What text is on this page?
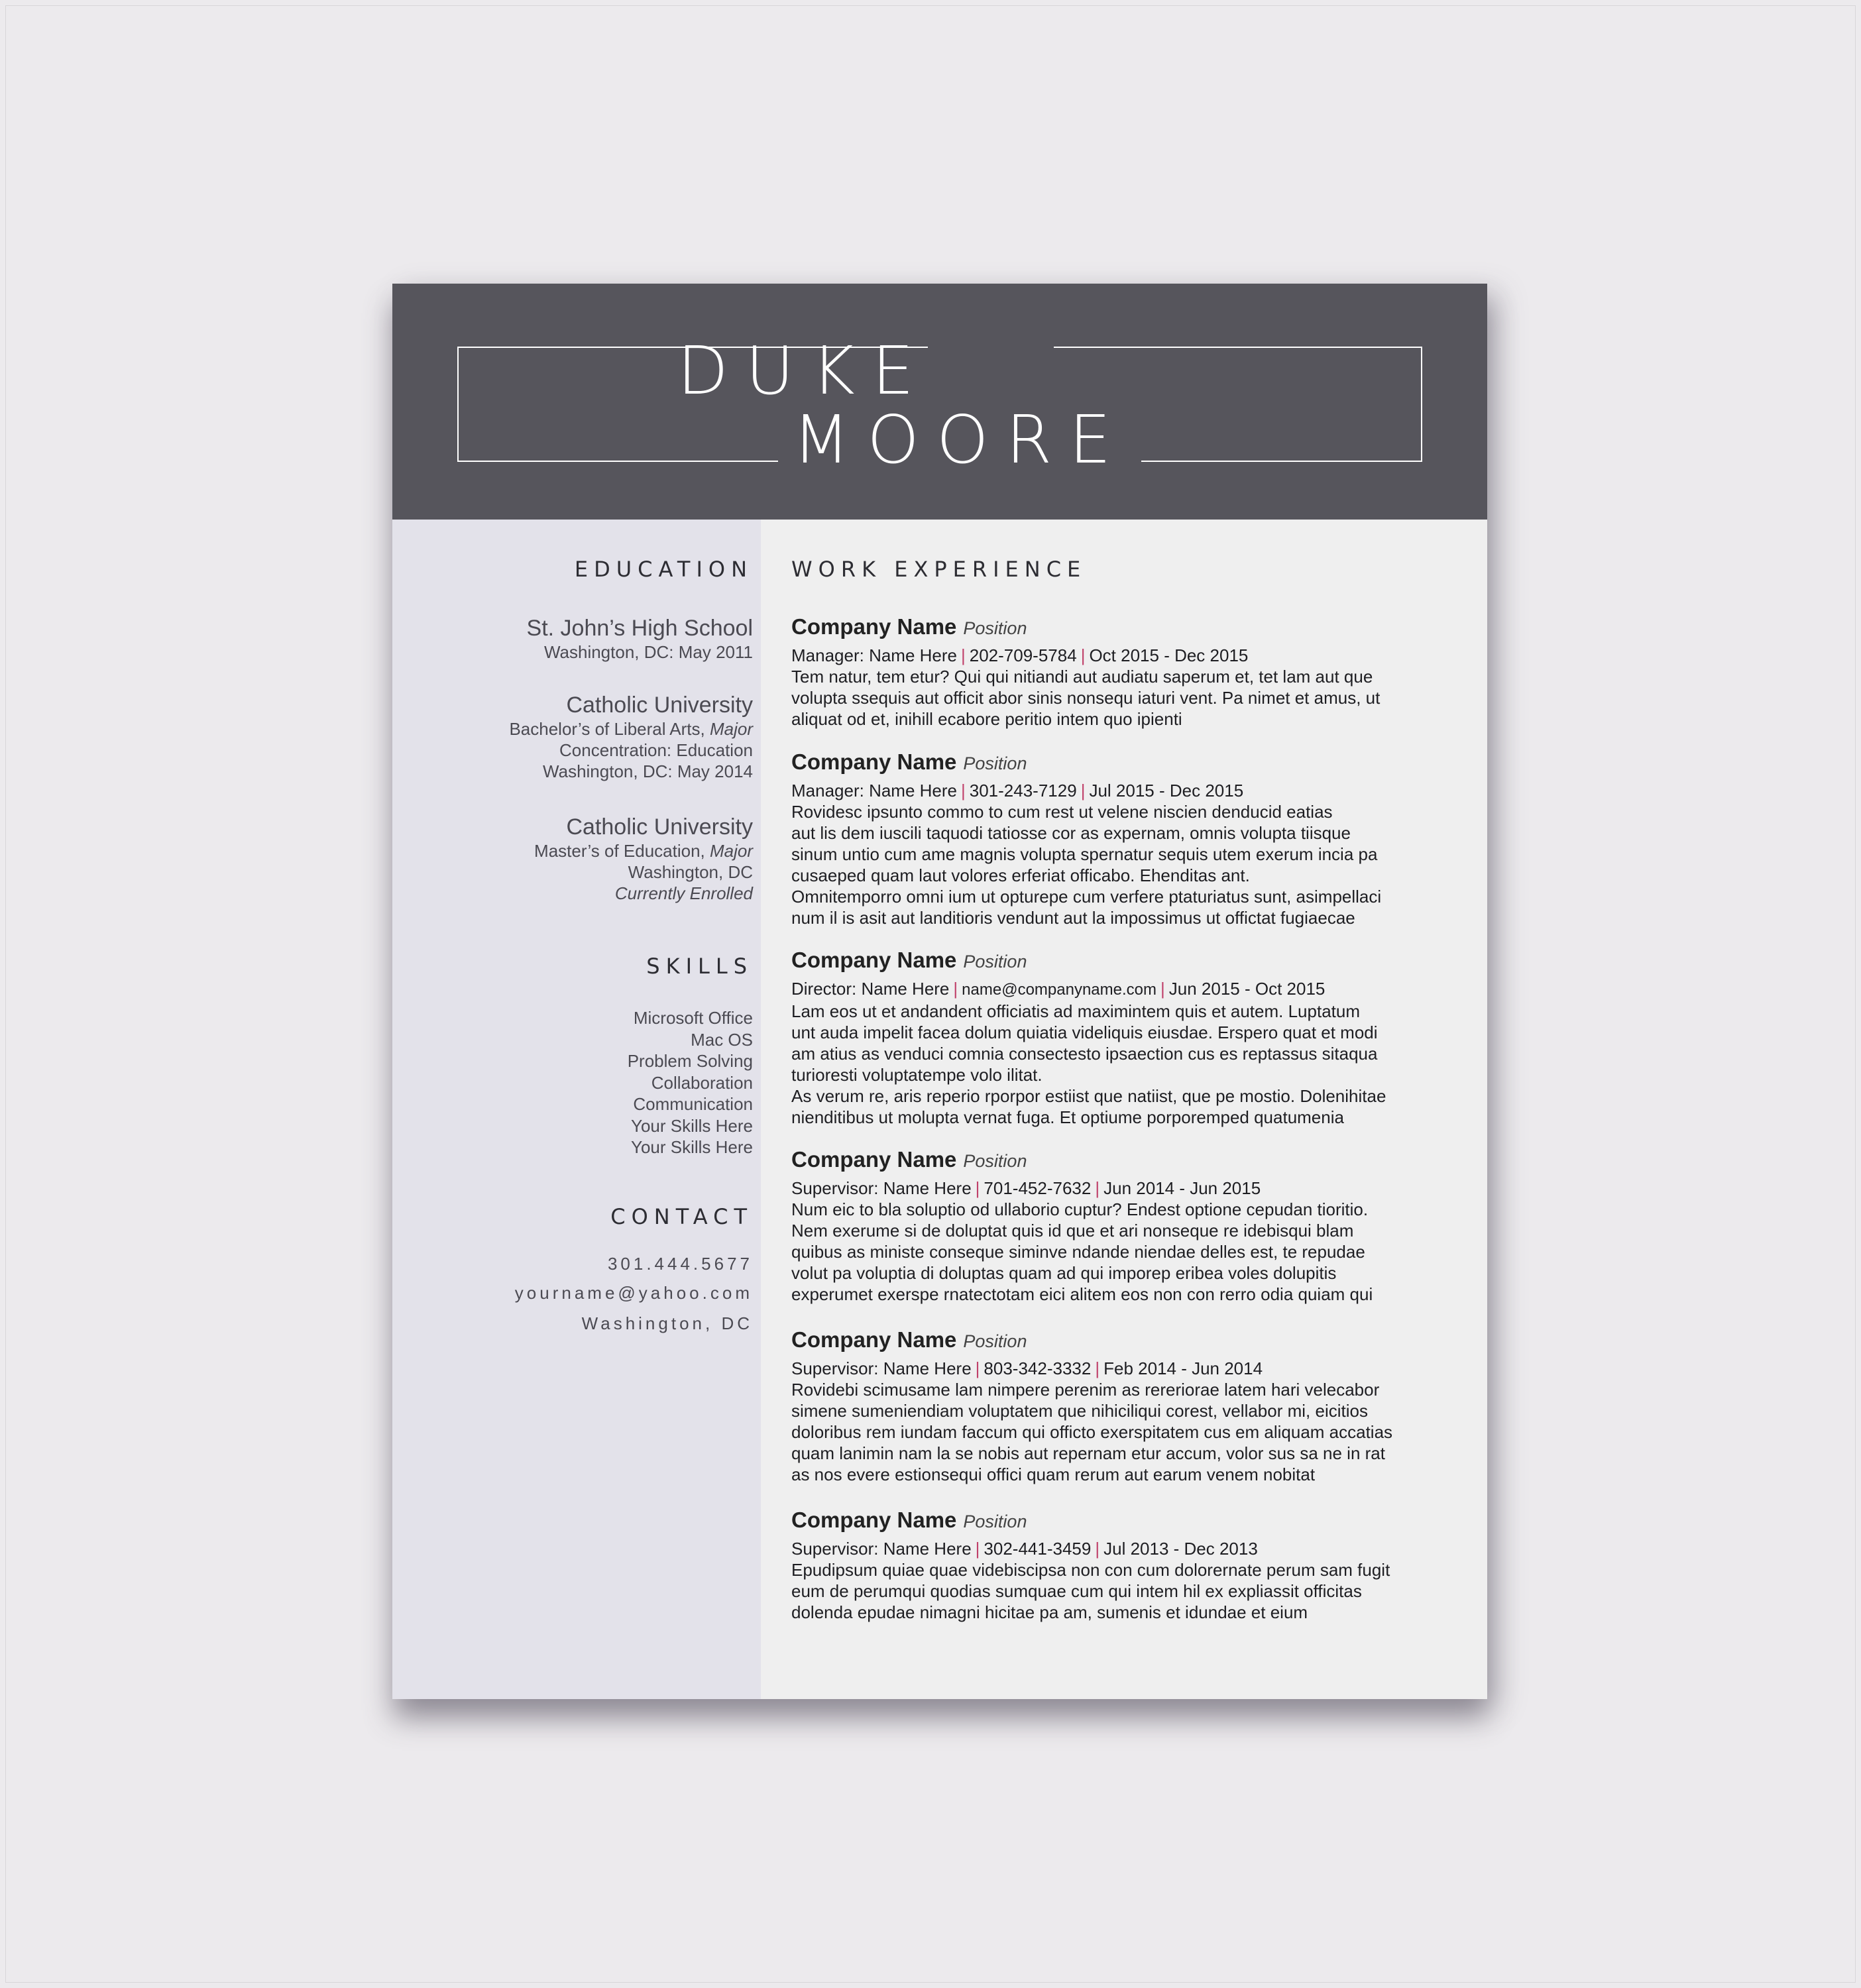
DUKE
MOORE
EDUCATION
St. John’s High School
Washington, DC: May 2011
Catholic University
Bachelor’s of Liberal Arts, Major
Concentration: Education
Washington, DC: May 2014
Catholic University
Master’s of Education, Major
Washington, DC
Currently Enrolled
SKILLS
Microsoft Office
Mac OS
Problem Solving
Collaboration
Communication
Your Skills Here
Your Skills Here
CONTACT
301.444.5677
yourname@yahoo.com
Washington, DC
WORK EXPERIENCE
Company Name Position
Manager: Name Here | 202-709-5784 | Oct 2015 - Dec 2015
Tem natur, tem etur? Qui qui nitiandi aut audiatu saperum et, tet lam aut que
volupta ssequis aut officit abor sinis nonsequ iaturi vent. Pa nimet et amus, ut
aliquat od et, inihill ecabore peritio intem quo ipienti
Company Name Position
Manager: Name Here | 301-243-7129 | Jul 2015 - Dec 2015
Rovidesc ipsunto commo to cum rest ut velene niscien denducid eatias
aut lis dem iuscili taquodi tatiosse cor as expernam, omnis volupta tiisque
sinum untio cum ame magnis volupta spernatur sequis utem exerum incia pa
cusaeped quam laut volores erferiat officabo. Ehenditas ant.
Omnitemporro omni ium ut opturepe cum verfere ptaturiatus sunt, asimpellaci
num il is asit aut landitioris vendunt aut la impossimus ut offictat fugiaecae
Company Name Position
Director: Name Here | name@companyname.com | Jun 2015 - Oct 2015
Lam eos ut et andandent officiatis ad maximintem quis et autem. Luptatum
unt auda impelit facea dolum quiatia videliquis eiusdae. Erspero quat et modi
am atius as venduci comnia consectesto ipsaection cus es reptassus sitaqua
turioresti voluptatempe volo ilitat.
As verum re, aris reperio rporpor estiist que natiist, que pe mostio. Dolenihitae
nienditibus ut molupta vernat fuga. Et optiume porporemped quatumenia
Company Name Position
Supervisor: Name Here | 701-452-7632 | Jun 2014 - Jun 2015
Num eic to bla soluptio od ullaborio cuptur? Endest optione cepudan tioritio.
Nem exerume si de doluptat quis id que et ari nonseque re idebisqui blam
quibus as ministe conseque siminve ndande niendae delles est, te repudae
volut pa voluptia di doluptas quam ad qui imporep eribea voles dolupitis
experumet exerspe rnatectotam eici alitem eos non con rerro odia quiam qui
Company Name Position
Supervisor: Name Here | 803-342-3332 | Feb 2014 - Jun 2014
Rovidebi scimusame lam nimpere perenim as rereriorae latem hari velecabor
simene sumeniendiam voluptatem que nihiciliqui corest, vellabor mi, eicitios
doloribus rem iundam faccum qui officto exerspitatem cus em aliquam accatias
quam lanimin nam la se nobis aut repernam etur accum, volor sus sa ne in rat
as nos evere estionsequi offici quam rerum aut earum venem nobitat
Company Name Position
Supervisor: Name Here | 302-441-3459 | Jul 2013 - Dec 2013
Epudipsum quiae quae videbiscipsa non con cum dolorernate perum sam fugit
eum de perumqui quodias sumquae cum qui intem hil ex expliassit officitas
dolenda epudae nimagni hicitae pa am, sumenis et idundae et eium
